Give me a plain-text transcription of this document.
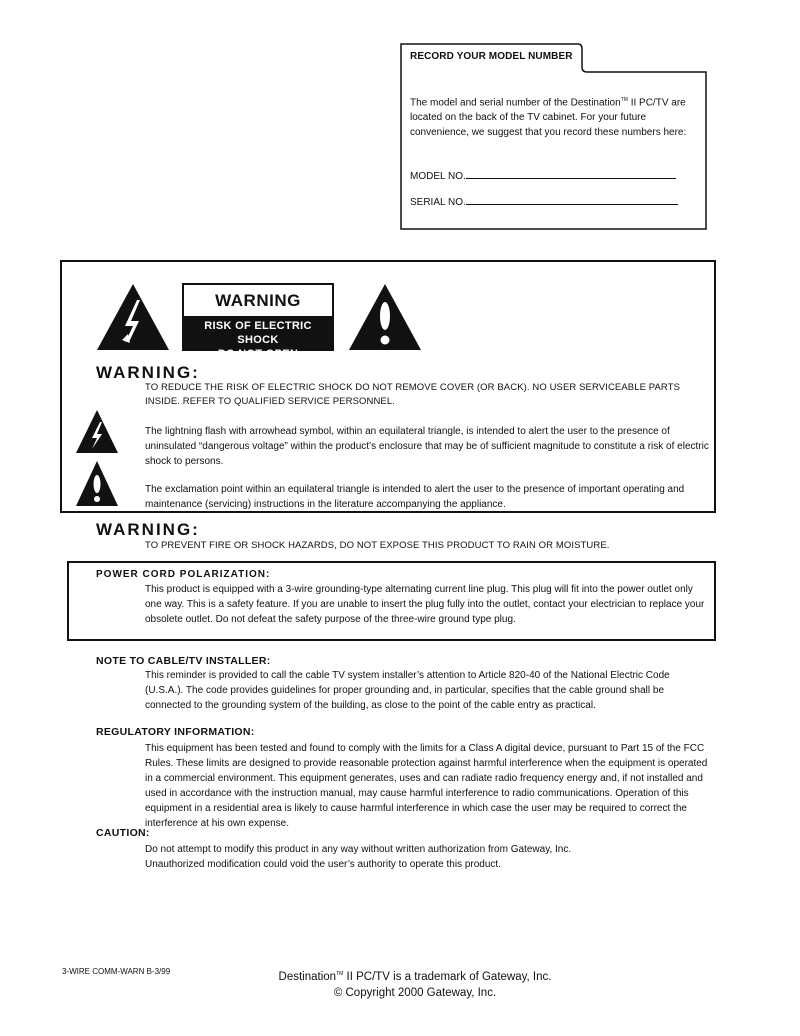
RECORD YOUR MODEL NUMBER
The model and serial number of the Destination™ II PC/TV are located on the back of the TV cabinet. For your future convenience, we suggest that you record these numbers here:
MODEL NO.
SERIAL NO.
WARNING
RISK OF ELECTRIC SHOCK
DO NOT OPEN
WARNING:
TO REDUCE THE RISK OF ELECTRIC SHOCK DO NOT REMOVE COVER (OR BACK). NO USER SERVICEABLE PARTS INSIDE. REFER TO QUALIFIED SERVICE PERSONNEL.
The lightning flash with arrowhead symbol, within an equilateral triangle, is intended to alert the user to the presence of uninsulated “dangerous voltage” within the product’s enclosure that may be of sufficient magnitude to constitute a risk of electric shock to persons.
The exclamation point within an equilateral triangle is intended to alert the user to the presence of important operating and maintenance (servicing) instructions in the literature accompanying the appliance.
WARNING:
TO PREVENT FIRE OR SHOCK HAZARDS, DO NOT EXPOSE THIS PRODUCT TO RAIN OR MOISTURE.
POWER CORD POLARIZATION:
This product is equipped with a 3-wire grounding-type alternating current line plug. This plug will fit into the power outlet only one way. This is a safety feature. If you are unable to insert the plug fully into the outlet, contact your electrician to replace your obsolete outlet. Do not defeat the safety purpose of the three-wire ground type plug.
NOTE TO CABLE/TV INSTALLER:
This reminder is provided to call the cable TV system installer’s attention to Article 820-40 of the National Electric Code (U.S.A.). The code provides guidelines for proper grounding and, in particular, specifies that the cable ground shall be connected to the grounding system of the building, as close to the point of the cable entry as practical.
REGULATORY INFORMATION:
This equipment has been tested and found to comply with the limits for a Class A digital device, pursuant to Part 15 of the FCC Rules. These limits are designed to provide reasonable protection against harmful interference when the equipment is operated in a commercial environment. This equipment generates, uses and can radiate radio frequency energy and, if not installed and used in accordance with the instruction manual, may cause harmful interference to radio communications. Operation of this equipment in a residential area is likely to cause harmful interference in which case the user may be required to correct the interference at his own expense.
CAUTION:
Do not attempt to modify this product in any way without written authorization from Gateway, Inc.
Unauthorized modification could void the user’s authority to operate this product.
3-WIRE COMM-WARN B-3/99	Destination™ II PC/TV is a trademark of Gateway, Inc.
© Copyright 2000 Gateway, Inc.
